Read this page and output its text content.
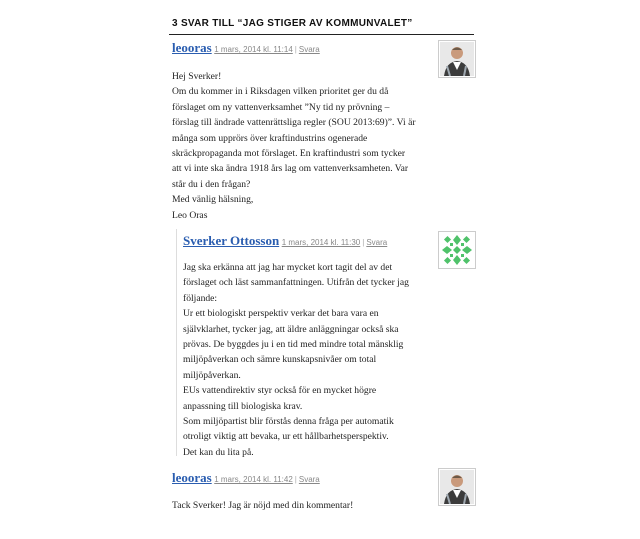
3 SVAR TILL “JAG STIGER AV KOMMUNVALET”
leooras 1 mars, 2014 kl. 11:14 | Svara

Hej Sverker!

Om du kommer in i Riksdagen vilken prioritet ger du då

förslaget om ny vattenverksamhet ”Ny tid ny prövning –

förslag till ändrade vattenrättsliga regler (SOU 2013:69)”. Vi är

många som upprörs över kraftindustrins ogenerade

skräckpropaganda mot förslaget. En kraftindustri som tycker

att vi inte ska ändra 1918 års lag om vattenverksamheten. Var

står du i den frågan?

Med vänlig hälsning,

Leo Oras

Sverker Ottosson 1 mars, 2014 kl. 11:30 | Svara

Jag ska erkänna att jag har mycket kort tagit del av det

förslaget och läst sammanfattningen. Utifrån det tycker jag

följande:

Ur ett biologiskt perspektiv verkar det bara vara en

självklarhet, tycker jag, att äldre anläggningar också ska

prövas. De byggdes ju i en tid med mindre total mänsklig

miljöpåverkan och sämre kunskapsnivåer om total

miljöpåverkan.

EUs vattendirektiv styr också för en mycket högre

anpassning till biologiska krav.

Som miljöpartist blir förstås denna fråga per automatik

otroligt viktig att bevaka, ur ett hållbarhetsperspektiv.

Det kan du lita på.

leooras 1 mars, 2014 kl. 11:42 | Svara

Tack Sverker! Jag är nöjd med din kommentar!
